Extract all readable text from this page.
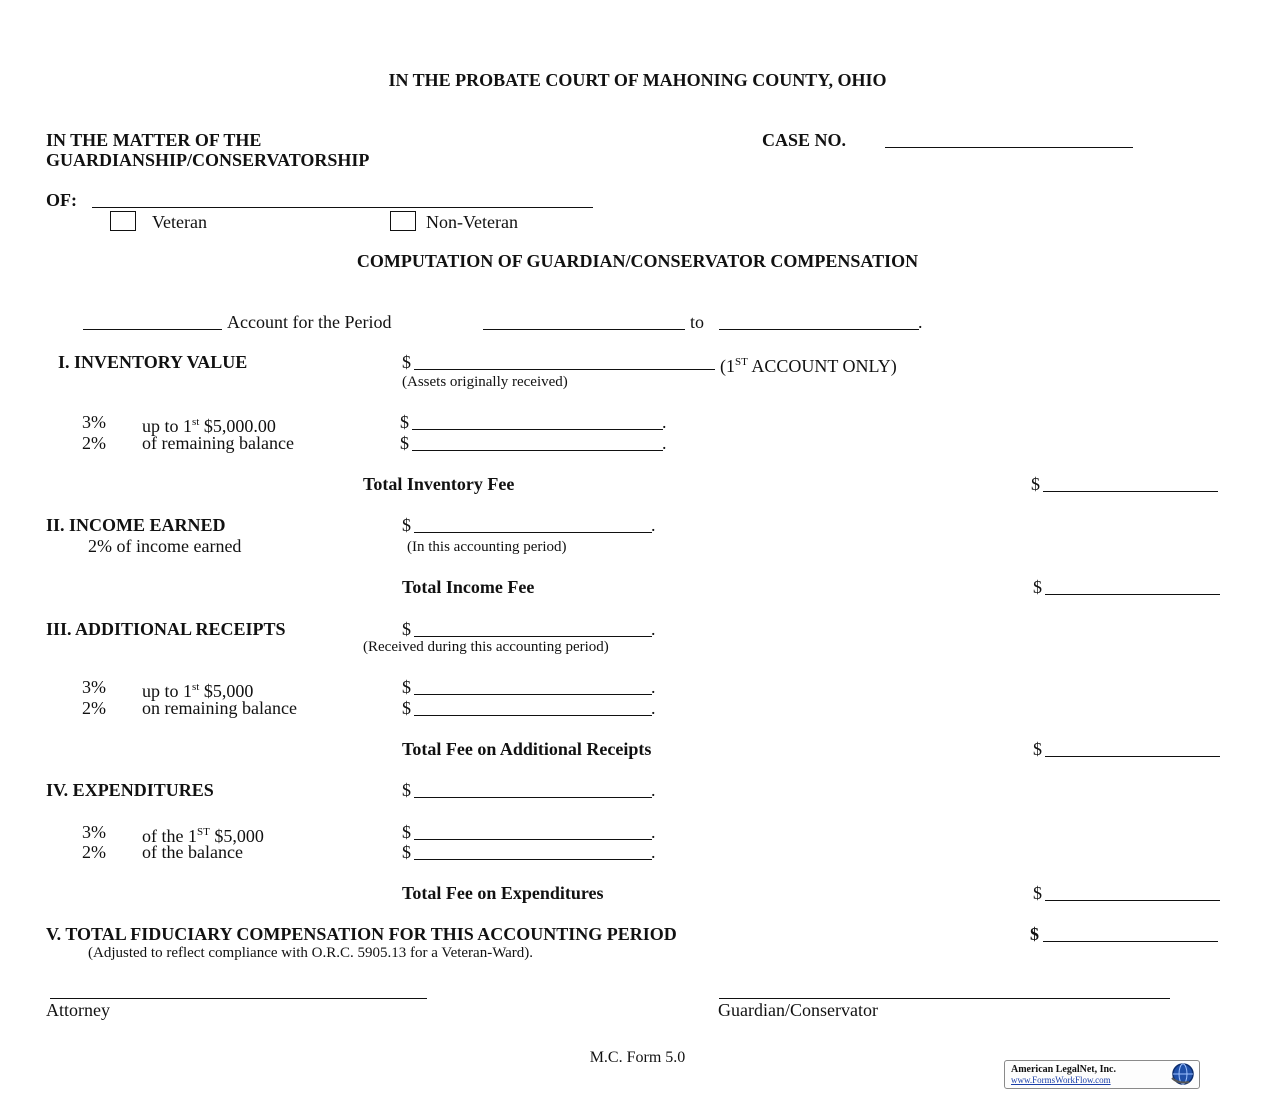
IN THE PROBATE COURT OF MAHONING COUNTY, OHIO
IN THE MATTER OF THE
GUARDIANSHIP/CONSERVATORSHIP
CASE NO.
OF:
Veteran	Non-Veteran
COMPUTATION OF GUARDIAN/CONSERVATOR COMPENSATION
Account for the Period	to	.
I. INVENTORY VALUE	$	(1ST ACCOUNT ONLY)
(Assets originally received)
3% up to 1st $5,000.00	$	.
2% of remaining balance	$	.
Total Inventory Fee	$
II. INCOME EARNED	$	.
2% of income earned	(In this accounting period)
Total Income Fee	$
III. ADDITIONAL RECEIPTS	$	.
(Received during this accounting period)
3% up to 1st $5,000	$	.
2% on remaining balance	$	.
Total Fee on Additional Receipts	$
IV. EXPENDITURES	$	.
3% of the 1ST $5,000	$	.
2% of the balance	$	.
Total Fee on Expenditures	$
V. TOTAL FIDUCIARY COMPENSATION FOR THIS ACCOUNTING PERIOD	$
(Adjusted to reflect compliance with O.R.C. 5905.13 for a Veteran-Ward).
Attorney	Guardian/Conservator
M.C. Form 5.0
American LegalNet, Inc.
www.FormsWorkFlow.com
